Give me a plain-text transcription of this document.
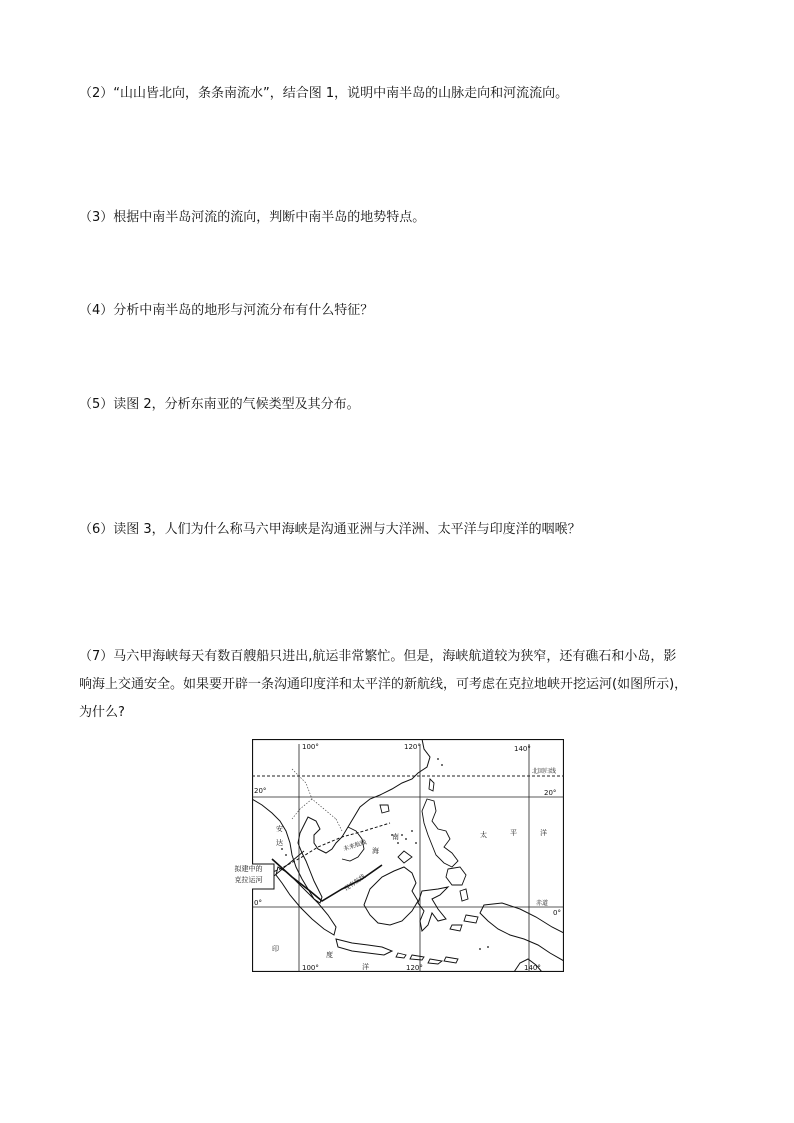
（2）“山山皆北向，条条南流水”，结合图 1，说明中南半岛的山脉走向和河流流向。
（3）根据中南半岛河流的流向，判断中南半岛的地势特点。
（4）分析中南半岛的地形与河流分布有什么特征？
（5）读图 2，分析东南亚的气候类型及其分布。
（6）读图 3，人们为什么称马六甲海峡是沟通亚洲与大洋洲、太平洋与印度洋的咽喉？
（7）马六甲海峡每天有数百艘船只进出,航运非常繁忙。但是，海峡航道较为狭窄，还有礁石和小岛，影
响海上交通安全。如果要开辟一条沟通印度洋和太平洋的新航线，可考虑在克拉地峡开挖运河(如图所示)，
为什么?
100°	120°	140°
100°	120°	140°
20°	20°
0°
0°
北回归线
赤道
南
海
太	平	洋
印
度
洋
安
达	未来航线
现有航线
拟建中的
克拉运河
